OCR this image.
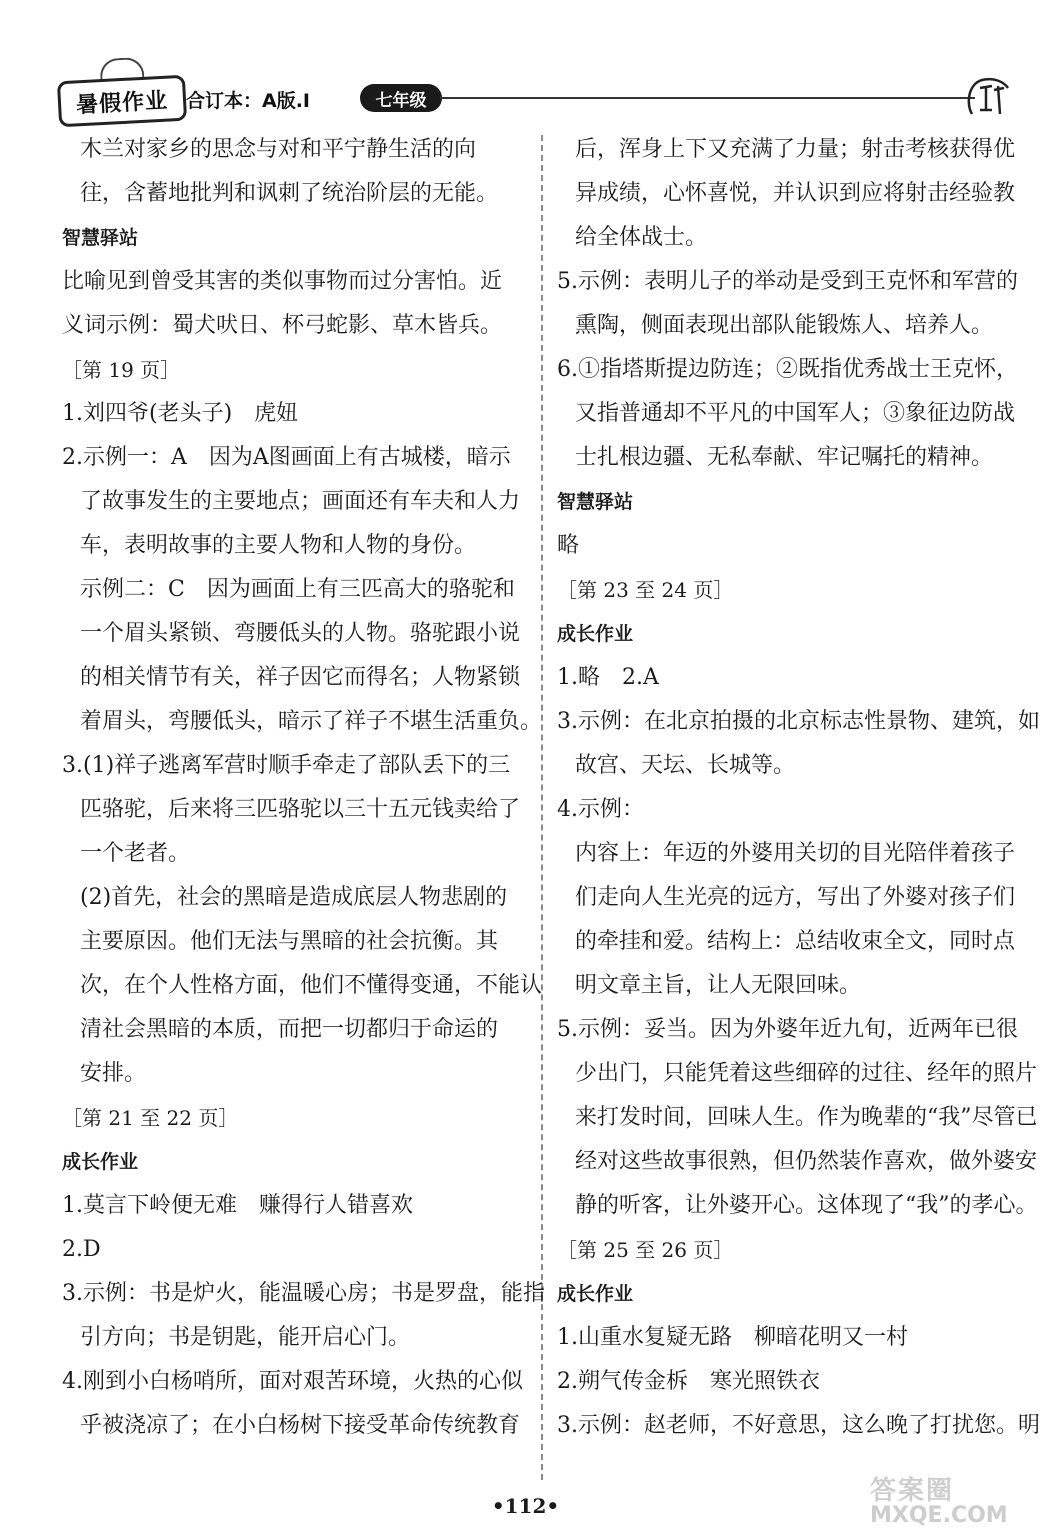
暑假作业 合订本：A版.I	七年级
木兰对家乡的思念与对和平宁静生活的向
往，含蓄地批判和讽刺了统治阶层的无能。
智慧驿站
比喻见到曾受其害的类似事物而过分害怕。近
义词示例：蜀犬吠日、杯弓蛇影、草木皆兵。
［第 19 页］
1.刘四爷(老头子)　虎妞
2.示例一：A　因为A图画面上有古城楼，暗示
了故事发生的主要地点；画面还有车夫和人力
车，表明故事的主要人物和人物的身份。
示例二：C　因为画面上有三匹高大的骆驼和
一个眉头紧锁、弯腰低头的人物。骆驼跟小说
的相关情节有关，祥子因它而得名；人物紧锁
着眉头，弯腰低头，暗示了祥子不堪生活重负。
3.(1)祥子逃离军营时顺手牵走了部队丢下的三
匹骆驼，后来将三匹骆驼以三十五元钱卖给了
一个老者。
(2)首先，社会的黑暗是造成底层人物悲剧的
主要原因。他们无法与黑暗的社会抗衡。其
次，在个人性格方面，他们不懂得变通，不能认
清社会黑暗的本质，而把一切都归于命运的
安排。
［第 21 至 22 页］
成长作业
1.莫言下岭便无难　赚得行人错喜欢
2.D
3.示例：书是炉火，能温暖心房；书是罗盘，能指
引方向；书是钥匙，能开启心门。
4.刚到小白杨哨所，面对艰苦环境，火热的心似
乎被浇凉了；在小白杨树下接受革命传统教育
后，浑身上下又充满了力量；射击考核获得优
异成绩，心怀喜悦，并认识到应将射击经验教
给全体战士。
5.示例：表明儿子的举动是受到王克怀和军营的
熏陶，侧面表现出部队能锻炼人、培养人。
6.①指塔斯提边防连；②既指优秀战士王克怀，
又指普通却不平凡的中国军人；③象征边防战
士扎根边疆、无私奉献、牢记嘱托的精神。
智慧驿站
略
［第 23 至 24 页］
成长作业
1.略　2.A
3.示例：在北京拍摄的北京标志性景物、建筑，如
故宫、天坛、长城等。
4.示例：
内容上：年迈的外婆用关切的目光陪伴着孩子
们走向人生光亮的远方，写出了外婆对孩子们
的牵挂和爱。结构上：总结收束全文，同时点
明文章主旨，让人无限回味。
5.示例：妥当。因为外婆年近九旬，近两年已很
少出门，只能凭着这些细碎的过往、经年的照片
来打发时间，回味人生。作为晚辈的“我”尽管已
经对这些故事很熟，但仍然装作喜欢，做外婆安
静的听客，让外婆开心。这体现了“我”的孝心。
［第 25 至 26 页］
成长作业
1.山重水复疑无路　柳暗花明又一村
2.朔气传金柝　寒光照铁衣
3.示例：赵老师，不好意思，这么晚了打扰您。明
•112•	答案圈
MXQE.COM
